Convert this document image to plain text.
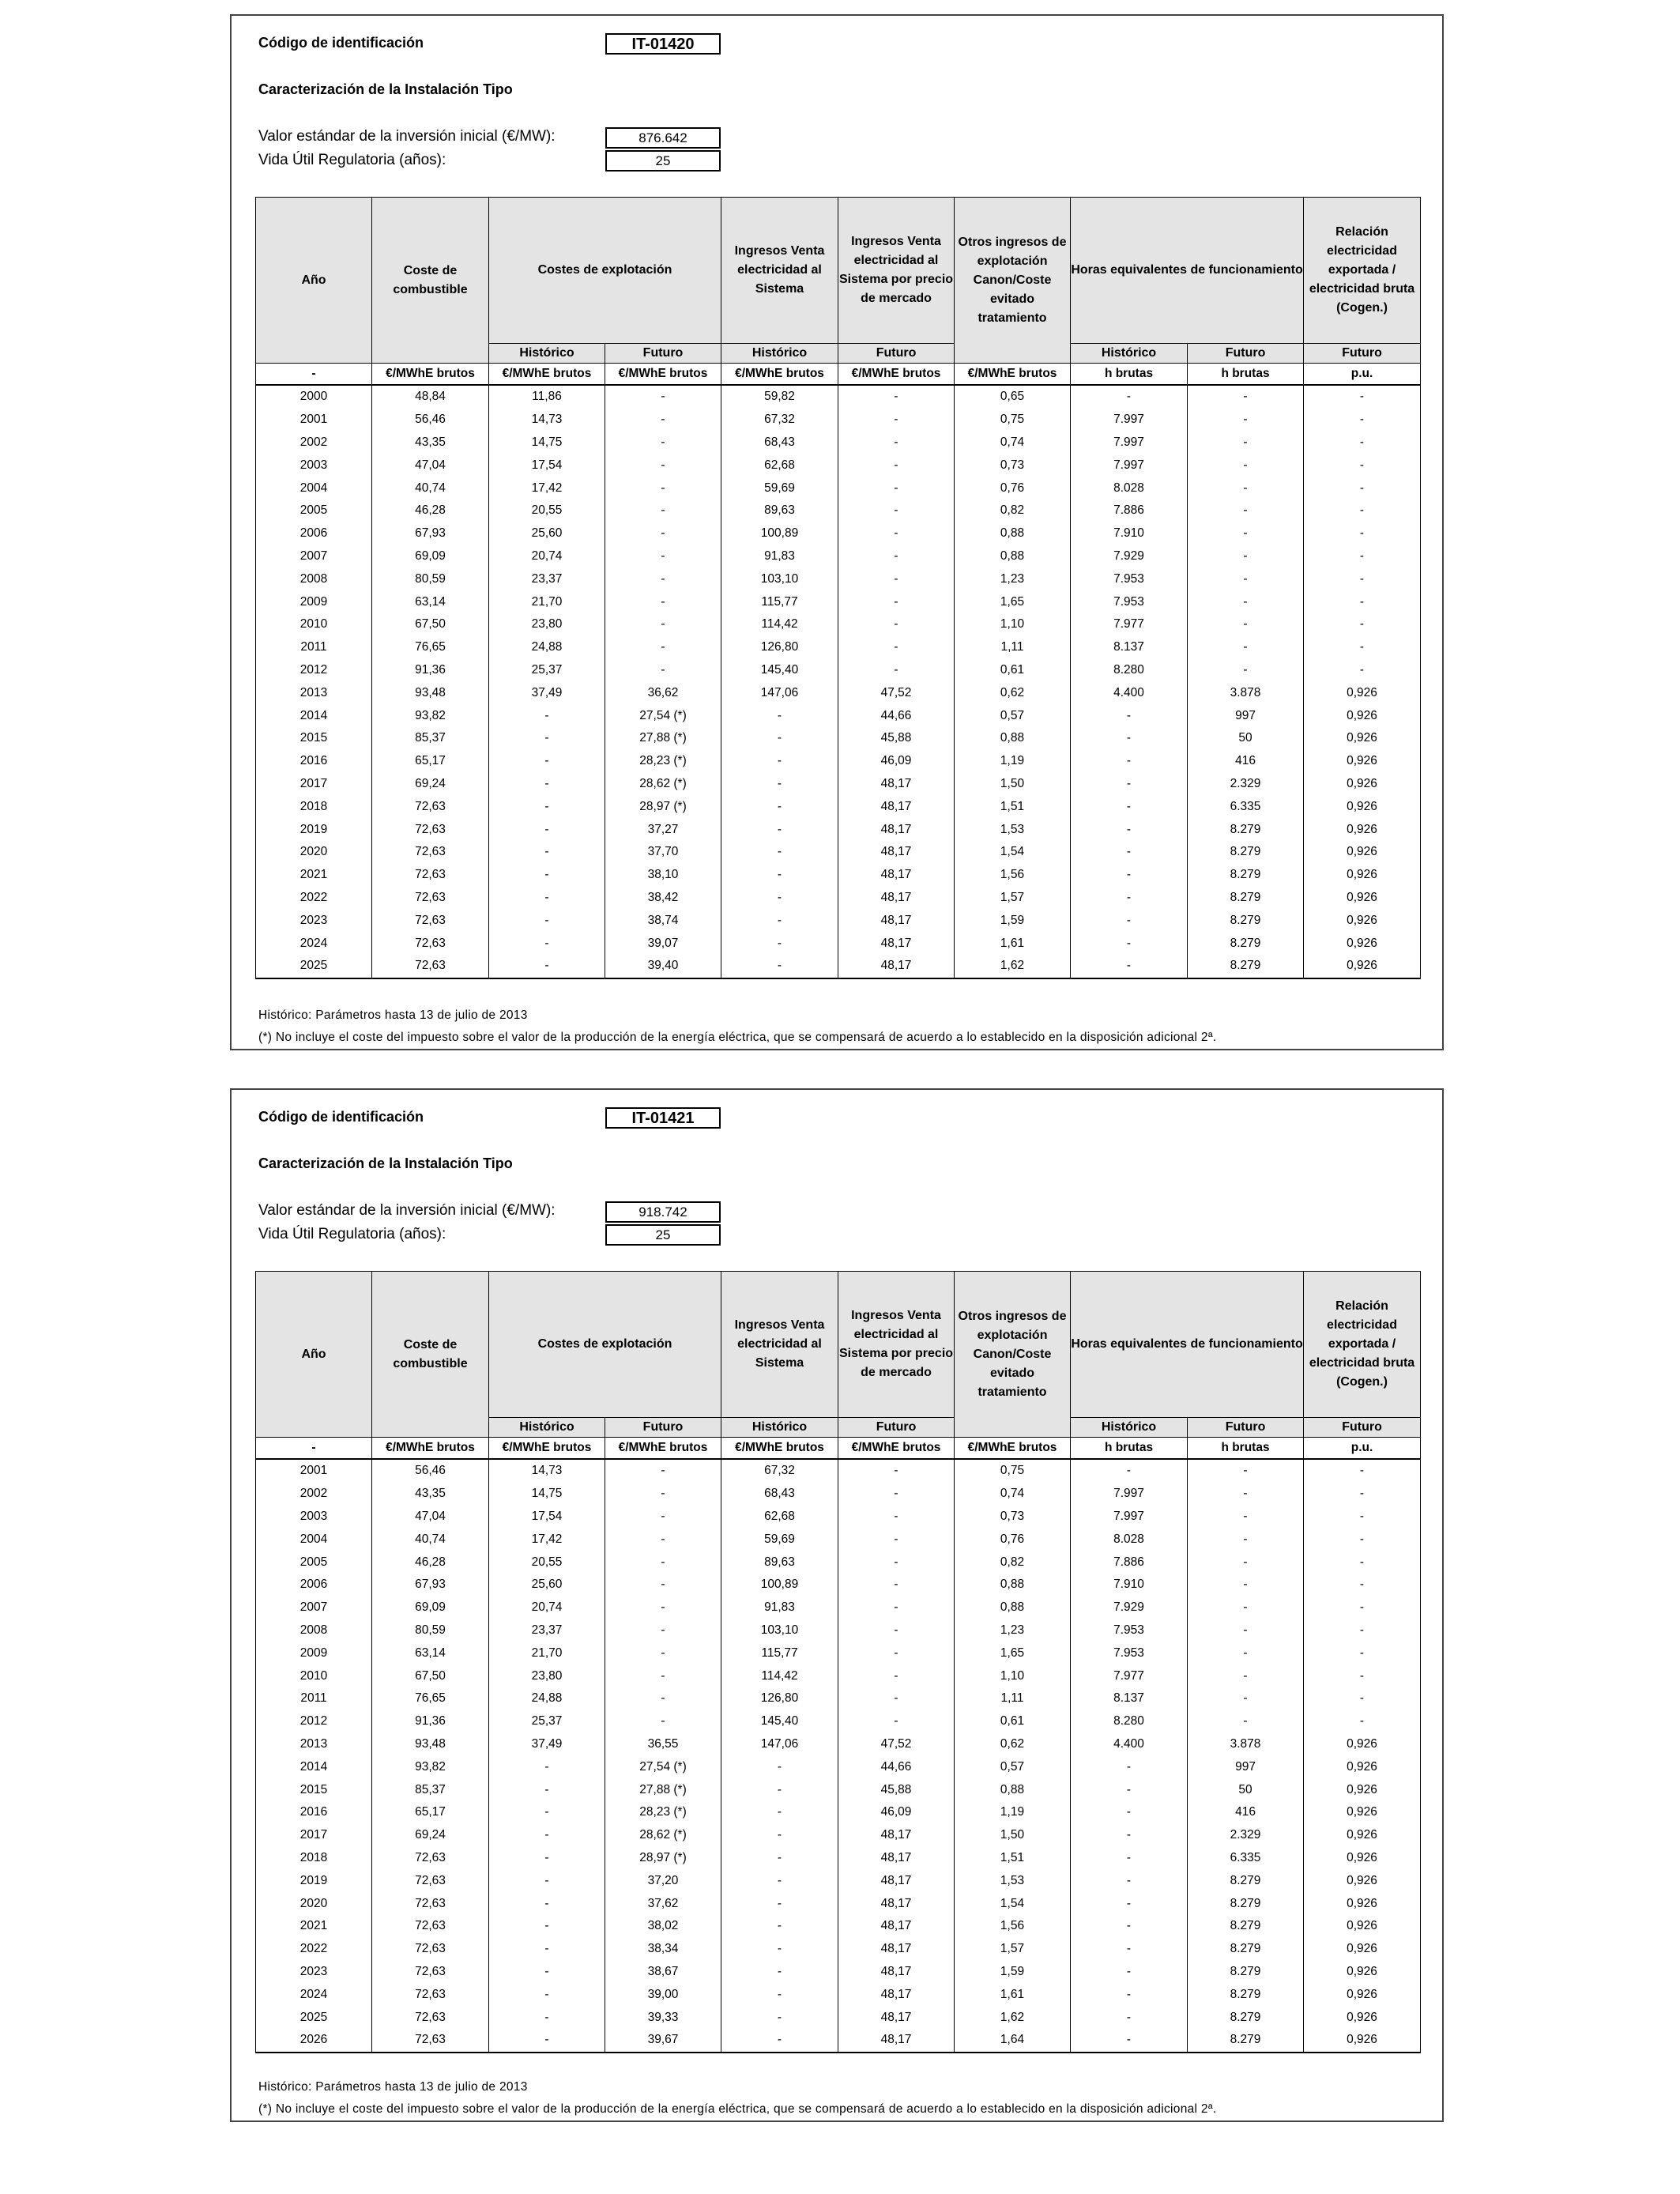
Código de identificación	IT-01420
Caracterización de la Instalación Tipo
Valor estándar de la inversión inicial (€/MW):	876.642
Vida Útil Regulatoria (años):	25
Año	Coste de combustible	Costes de explotación		Ingresos Venta electricidad al Sistema	Ingresos Venta electricidad al Sistema por precio de mercado	Otros ingresos de explotación Canon/Coste evitado tratamiento	Horas equivalentes de funcionamiento		Relación electricidad exportada / electricidad bruta (Cogen.)
		Histórico	Futuro	Histórico	Futuro		Histórico	Futuro	Futuro
-	€/MWhE brutos	€/MWhE brutos	€/MWhE brutos	€/MWhE brutos	€/MWhE brutos	€/MWhE brutos	h brutas	h brutas	p.u.
2000	48,84	11,86	-	59,82	-	0,65	-	-	-
2001	56,46	14,73	-	67,32	-	0,75	7.997	-	-
2002	43,35	14,75	-	68,43	-	0,74	7.997	-	-
2003	47,04	17,54	-	62,68	-	0,73	7.997	-	-
2004	40,74	17,42	-	59,69	-	0,76	8.028	-	-
2005	46,28	20,55	-	89,63	-	0,82	7.886	-	-
2006	67,93	25,60	-	100,89	-	0,88	7.910	-	-
2007	69,09	20,74	-	91,83	-	0,88	7.929	-	-
2008	80,59	23,37	-	103,10	-	1,23	7.953	-	-
2009	63,14	21,70	-	115,77	-	1,65	7.953	-	-
2010	67,50	23,80	-	114,42	-	1,10	7.977	-	-
2011	76,65	24,88	-	126,80	-	1,11	8.137	-	-
2012	91,36	25,37	-	145,40	-	0,61	8.280	-	-
2013	93,48	37,49	36,62	147,06	47,52	0,62	4.400	3.878	0,926
2014	93,82	-	27,54 (*)	-	44,66	0,57	-	997	0,926
2015	85,37	-	27,88 (*)	-	45,88	0,88	-	50	0,926
2016	65,17	-	28,23 (*)	-	46,09	1,19	-	416	0,926
2017	69,24	-	28,62 (*)	-	48,17	1,50	-	2.329	0,926
2018	72,63	-	28,97 (*)	-	48,17	1,51	-	6.335	0,926
2019	72,63	-	37,27	-	48,17	1,53	-	8.279	0,926
2020	72,63	-	37,70	-	48,17	1,54	-	8.279	0,926
2021	72,63	-	38,10	-	48,17	1,56	-	8.279	0,926
2022	72,63	-	38,42	-	48,17	1,57	-	8.279	0,926
2023	72,63	-	38,74	-	48,17	1,59	-	8.279	0,926
2024	72,63	-	39,07	-	48,17	1,61	-	8.279	0,926
2025	72,63	-	39,40	-	48,17	1,62	-	8.279	0,926
Histórico: Parámetros hasta 13 de julio de 2013
(*) No incluye el coste del impuesto sobre el valor de la producción de la energía eléctrica, que se compensará de acuerdo a lo establecido en la disposición adicional 2ª.
Código de identificación	IT-01421
Caracterización de la Instalación Tipo
Valor estándar de la inversión inicial (€/MW):	918.742
Vida Útil Regulatoria (años):	25
Año	Coste de combustible	Costes de explotación		Ingresos Venta electricidad al Sistema	Ingresos Venta electricidad al Sistema por precio de mercado	Otros ingresos de explotación Canon/Coste evitado tratamiento	Horas equivalentes de funcionamiento		Relación electricidad exportada / electricidad bruta (Cogen.)
		Histórico	Futuro	Histórico	Futuro		Histórico	Futuro	Futuro
-	€/MWhE brutos	€/MWhE brutos	€/MWhE brutos	€/MWhE brutos	€/MWhE brutos	€/MWhE brutos	h brutas	h brutas	p.u.
2001	56,46	14,73	-	67,32	-	0,75	-	-	-
2002	43,35	14,75	-	68,43	-	0,74	7.997	-	-
2003	47,04	17,54	-	62,68	-	0,73	7.997	-	-
2004	40,74	17,42	-	59,69	-	0,76	8.028	-	-
2005	46,28	20,55	-	89,63	-	0,82	7.886	-	-
2006	67,93	25,60	-	100,89	-	0,88	7.910	-	-
2007	69,09	20,74	-	91,83	-	0,88	7.929	-	-
2008	80,59	23,37	-	103,10	-	1,23	7.953	-	-
2009	63,14	21,70	-	115,77	-	1,65	7.953	-	-
2010	67,50	23,80	-	114,42	-	1,10	7.977	-	-
2011	76,65	24,88	-	126,80	-	1,11	8.137	-	-
2012	91,36	25,37	-	145,40	-	0,61	8.280	-	-
2013	93,48	37,49	36,55	147,06	47,52	0,62	4.400	3.878	0,926
2014	93,82	-	27,54 (*)	-	44,66	0,57	-	997	0,926
2015	85,37	-	27,88 (*)	-	45,88	0,88	-	50	0,926
2016	65,17	-	28,23 (*)	-	46,09	1,19	-	416	0,926
2017	69,24	-	28,62 (*)	-	48,17	1,50	-	2.329	0,926
2018	72,63	-	28,97 (*)	-	48,17	1,51	-	6.335	0,926
2019	72,63	-	37,20	-	48,17	1,53	-	8.279	0,926
2020	72,63	-	37,62	-	48,17	1,54	-	8.279	0,926
2021	72,63	-	38,02	-	48,17	1,56	-	8.279	0,926
2022	72,63	-	38,34	-	48,17	1,57	-	8.279	0,926
2023	72,63	-	38,67	-	48,17	1,59	-	8.279	0,926
2024	72,63	-	39,00	-	48,17	1,61	-	8.279	0,926
2025	72,63	-	39,33	-	48,17	1,62	-	8.279	0,926
2026	72,63	-	39,67	-	48,17	1,64	-	8.279	0,926
Histórico: Parámetros hasta 13 de julio de 2013
(*) No incluye el coste del impuesto sobre el valor de la producción de la energía eléctrica, que se compensará de acuerdo a lo establecido en la disposición adicional 2ª.
